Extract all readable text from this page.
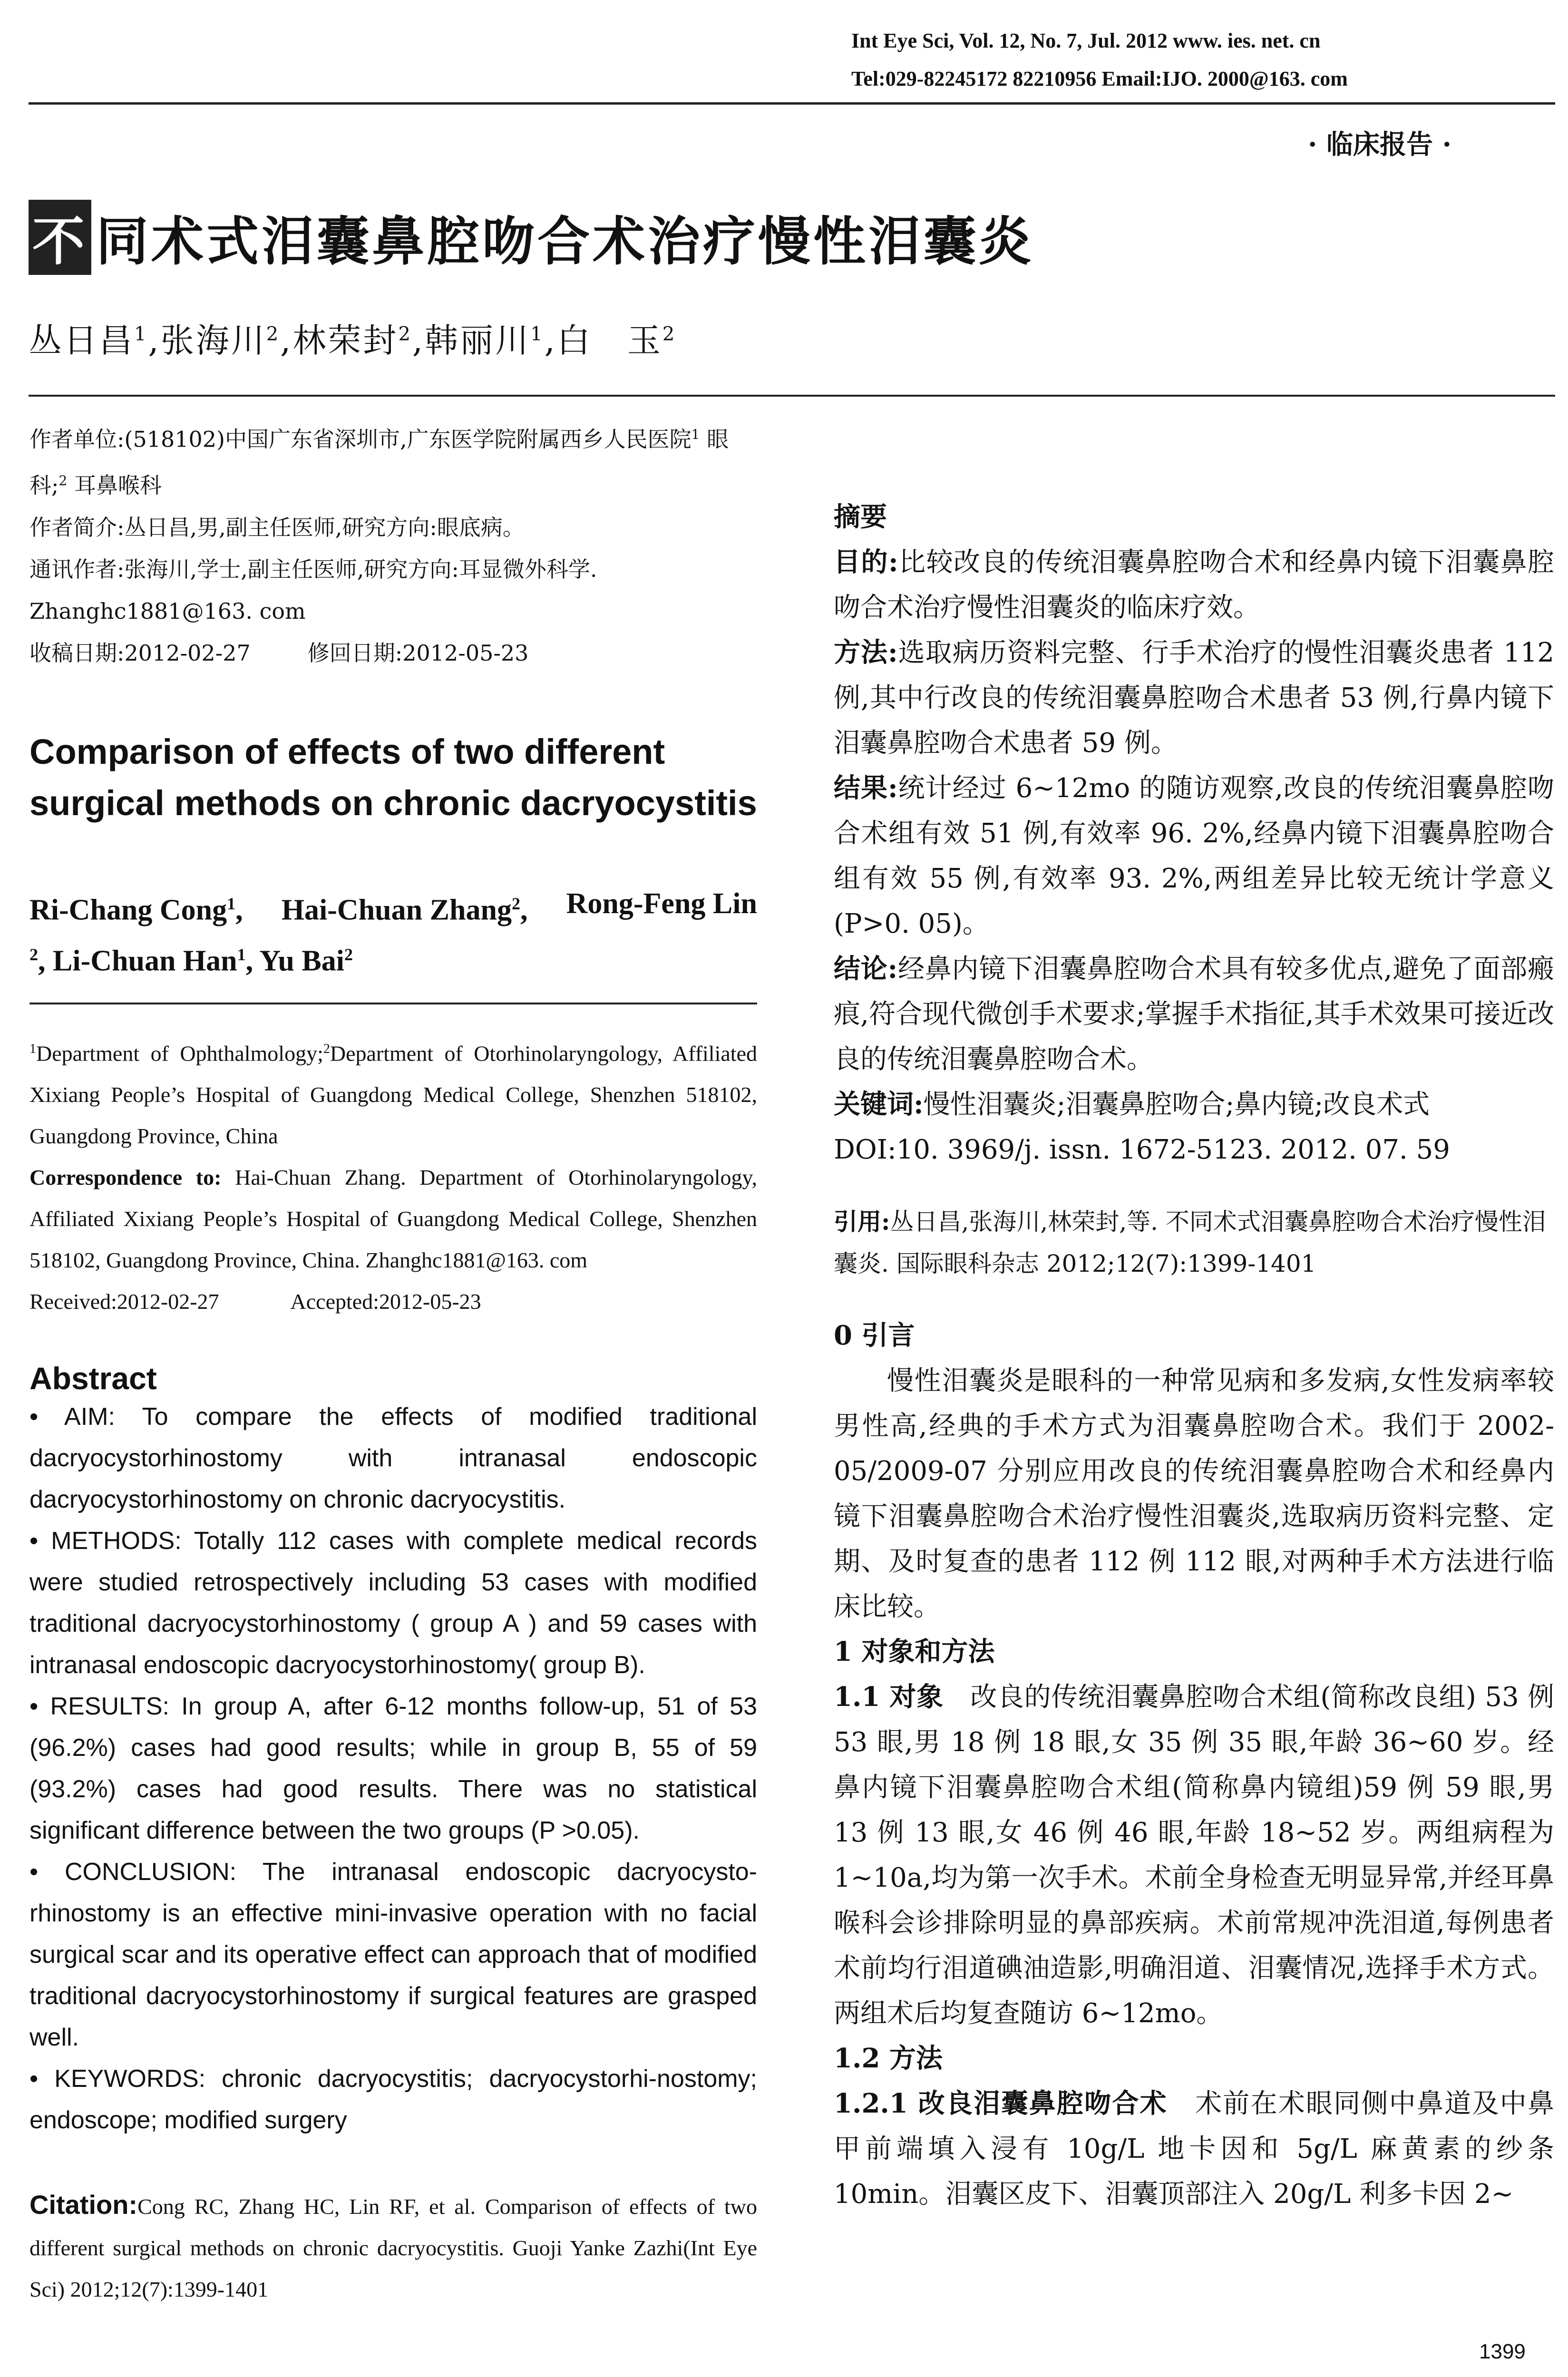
Int Eye Sci, Vol. 12, No. 7, Jul. 2012 www. ies. net. cn
Tel:029-82245172 82210956 Email:IJO. 2000@163. com
· 临床报告 ·
不 同术式泪囊鼻腔吻合术治疗慢性泪囊炎
丛日昌$^1$,张海川$^2$,林荣封$^2$,韩丽川$^1$,白　玉$^2$

作者单位:(518102)中国广东省深圳市,广东医学院附属西乡人民医院$^1$ 眼科;$^2$ 耳鼻喉科

作者简介:丛日昌,男,副主任医师,研究方向:眼底病。

通讯作者:张海川,学士,副主任医师,研究方向:耳显微外科学. Zhanghc1881@163. com

收稿日期:2012-02-27	修回日期:2012-05-23

Comparison of effects of two different surgical methods on chronic dacryocystitis

Ri-Chang Cong$^1$, Hai-Chuan Zhang$^2$, Rong-Feng Lin
$^2$, Li-Chuan Han$^1$, Yu Bai$^2$

$^1$Department of Ophthalmology;$^2$Department of Otorhinolaryngology, Affiliated Xixiang People’s Hospital of Guangdong Medical College, Shenzhen 518102, Guangdong Province, China

Correspondence to: Hai-Chuan Zhang. Department of Otorhinolaryngology, Affiliated Xixiang People’s Hospital of Guangdong Medical College, Shenzhen 518102, Guangdong Province, China. Zhanghc1881@163. com

Received:2012-02-27	Accepted:2012-05-23

Abstract

• AIM: To compare the effects of modified traditional dacryocystorhinostomy with intranasal endoscopic dacryocystorhinostomy on chronic dacryocystitis.

• METHODS: Totally 112 cases with complete medical records were studied retrospectively including 53 cases with modified traditional dacryocystorhinostomy ( group A ) and 59 cases with intranasal endoscopic dacryocystorhinostomy( group B).

• RESULTS: In group A, after 6-12 months follow-up, 51 of 53 (96.2%) cases had good results; while in group B, 55 of 59 (93.2%) cases had good results. There was no statistical significant difference between the two groups (P >0.05).

• CONCLUSION: The intranasal endoscopic dacryocysto-rhinostomy is an effective mini-invasive operation with no facial surgical scar and its operative effect can approach that of modified traditional dacryocystorhinostomy if surgical features are grasped well.

• KEYWORDS: chronic dacryocystitis; dacryocystorhi-nostomy; endoscope; modified surgery

Citation:Cong RC, Zhang HC, Lin RF, et al. Comparison of effects of two different surgical methods on chronic dacryocystitis. Guoji Yanke Zazhi(Int Eye Sci) 2012;12(7):1399-1401

摘要

目的:比较改良的传统泪囊鼻腔吻合术和经鼻内镜下泪囊鼻腔吻合术治疗慢性泪囊炎的临床疗效。

方法:选取病历资料完整、行手术治疗的慢性泪囊炎患者 112 例,其中行改良的传统泪囊鼻腔吻合术患者 53 例,行鼻内镜下泪囊鼻腔吻合术患者 59 例。

结果:统计经过 6~12mo 的随访观察,改良的传统泪囊鼻腔吻合术组有效 51 例,有效率 96. 2%,经鼻内镜下泪囊鼻腔吻合组有效 55 例,有效率 93. 2%,两组差异比较无统计学意义(P>0. 05)。

结论:经鼻内镜下泪囊鼻腔吻合术具有较多优点,避免了面部瘢痕,符合现代微创手术要求;掌握手术指征,其手术效果可接近改良的传统泪囊鼻腔吻合术。

关键词:慢性泪囊炎;泪囊鼻腔吻合;鼻内镜;改良术式

DOI:10. 3969/j. issn. 1672-5123. 2012. 07. 59

引用:丛日昌,张海川,林荣封,等. 不同术式泪囊鼻腔吻合术治疗慢性泪囊炎. 国际眼科杂志 2012;12(7):1399-1401

0 引言

慢性泪囊炎是眼科的一种常见病和多发病,女性发病率较男性高,经典的手术方式为泪囊鼻腔吻合术。我们于 2002-05/2009-07 分别应用改良的传统泪囊鼻腔吻合术和经鼻内镜下泪囊鼻腔吻合术治疗慢性泪囊炎,选取病历资料完整、定期、及时复查的患者 112 例 112 眼,对两种手术方法进行临床比较。

1 对象和方法

1.1 对象　 改良的传统泪囊鼻腔吻合术组(简称改良组) 53 例 53 眼,男 18 例 18 眼,女 35 例 35 眼,年龄 36~60 岁。经鼻内镜下泪囊鼻腔吻合术组(简称鼻内镜组)59 例 59 眼,男 13 例 13 眼,女 46 例 46 眼,年龄 18~52 岁。两组病程为 1~10a,均为第一次手术。术前全身检查无明显异常,并经耳鼻喉科会诊排除明显的鼻部疾病。术前常规冲洗泪道,每例患者术前均行泪道碘油造影,明确泪道、泪囊情况,选择手术方式。两组术后均复查随访 6~12mo。

1.2 方法

1.2.1 改良泪囊鼻腔吻合术　 术前在术眼同侧中鼻道及中鼻甲前端填入浸有 10g/L 地卡因和 5g/L 麻黄素的纱条 10min。泪囊区皮下、泪囊顶部注入 20g/L 利多卡因 2~

1399
